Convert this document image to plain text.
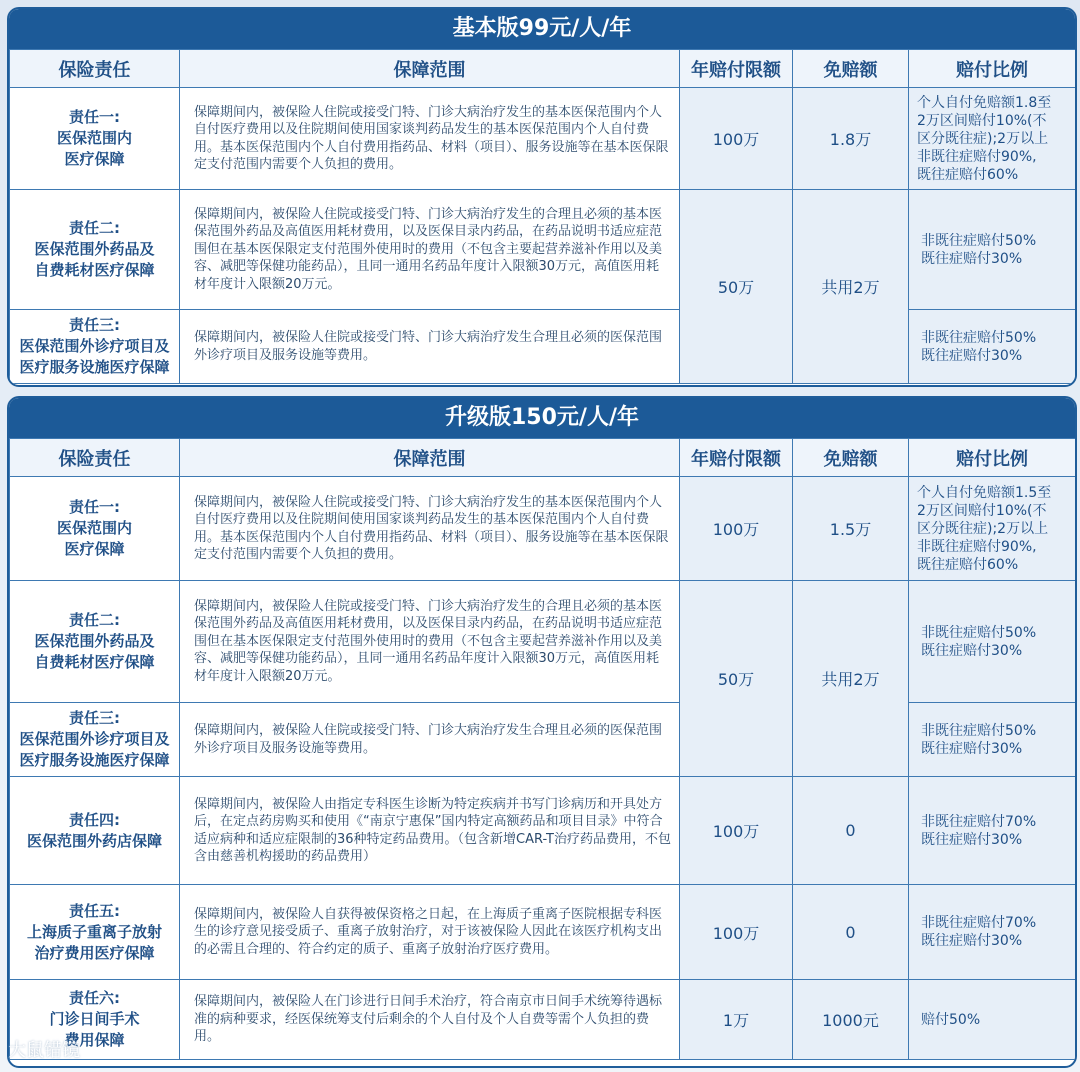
基本版99元/人/年
保险责任	保障范围	年赔付限额	免赔额	赔付比例

责任一:
医保范围内
医疗保障	保障期间内，被保险人住院或接受门特、门诊大病治疗发生的基本医保范围内个人自付医疗费用以及住院期间使用国家谈判药品发生的基本医保范围内个人自付费用。基本医保范围内个人自付费用指药品、材料（项目）、服务设施等在基本医保限定支付范围内需要个人负担的费用。	100万	1.8万	个人自付免赔额1.8至
2万区间赔付10%(不
区分既往症);2万以上
非既往症赔付90%,
既往症赔付60%

责任二:
医保范围外药品及
自费耗材医疗保障	保障期间内，被保险人住院或接受门特、门诊大病治疗发生的合理且必须的基本医保范围外药品及高值医用耗材费用，以及医保目录内药品，在药品说明书适应症范围但在基本医保限定支付范围外使用时的费用（不包含主要起营养滋补作用以及美容、减肥等保健功能药品），且同一通用名药品年度计入限额30万元，高值医用耗材年度计入限额20万元。	50万	共用2万	非既往症赔付50%
既往症赔付30%

责任三:
医保范围外诊疗项目及
医疗服务设施医疗保障	保障期间内，被保险人住院或接受门特、门诊大病治疗发生合理且必须的医保范围外诊疗项目及服务设施等费用。			非既往症赔付50%
既往症赔付30%
升级版150元/人/年
保险责任	保障范围	年赔付限额	免赔额	赔付比例

责任一:
医保范围内
医疗保障	保障期间内，被保险人住院或接受门特、门诊大病治疗发生的基本医保范围内个人自付医疗费用以及住院期间使用国家谈判药品发生的基本医保范围内个人自付费用。基本医保范围内个人自付费用指药品、材料（项目）、服务设施等在基本医保限定支付范围内需要个人负担的费用。	100万	1.5万	个人自付免赔额1.5至
2万区间赔付10%(不
区分既往症);2万以上
非既往症赔付90%,
既往症赔付60%

责任二:
医保范围外药品及
自费耗材医疗保障	保障期间内，被保险人住院或接受门特、门诊大病治疗发生的合理且必须的基本医保范围外药品及高值医用耗材费用，以及医保目录内药品，在药品说明书适应症范围但在基本医保限定支付范围外使用时的费用（不包含主要起营养滋补作用以及美容、减肥等保健功能药品），且同一通用名药品年度计入限额30万元，高值医用耗材年度计入限额20万元。	50万	共用2万	非既往症赔付50%
既往症赔付30%

责任三:
医保范围外诊疗项目及
医疗服务设施医疗保障	保障期间内，被保险人住院或接受门特、门诊大病治疗发生合理且必须的医保范围外诊疗项目及服务设施等费用。			非既往症赔付50%
既往症赔付30%

责任四:
医保范围外药店保障	保障期间内，被保险人由指定专科医生诊断为特定疾病并书写门诊病历和开具处方后，在定点药房购买和使用《“南京宁惠保”国内特定高额药品和项目目录》中符合适应病种和适应症限制的36种特定药品费用。（包含新增CAR-T治疗药品费用，不包含由慈善机构援助的药品费用）	100万	0	非既往症赔付70%
既往症赔付30%

责任五:
上海质子重离子放射
治疗费用医疗保障	保障期间内，被保险人自获得被保资格之日起，在上海质子重离子医院根据专科医生的诊疗意见接受质子、重离子放射治疗，对于该被保险人因此在该医疗机构支出的必需且合理的、符合约定的质子、重离子放射治疗医疗费用。	100万	0	非既往症赔付70%
既往症赔付30%

责任六:
门诊日间手术
费用保障	保障期间内，被保险人在门诊进行日间手术治疗，符合南京市日间手术统筹待遇标准的病种要求，经医保统筹支付后剩余的个人自付及个人自费等需个人负担的费用。	1万	1000元	赔付50%
大鼠错镜
